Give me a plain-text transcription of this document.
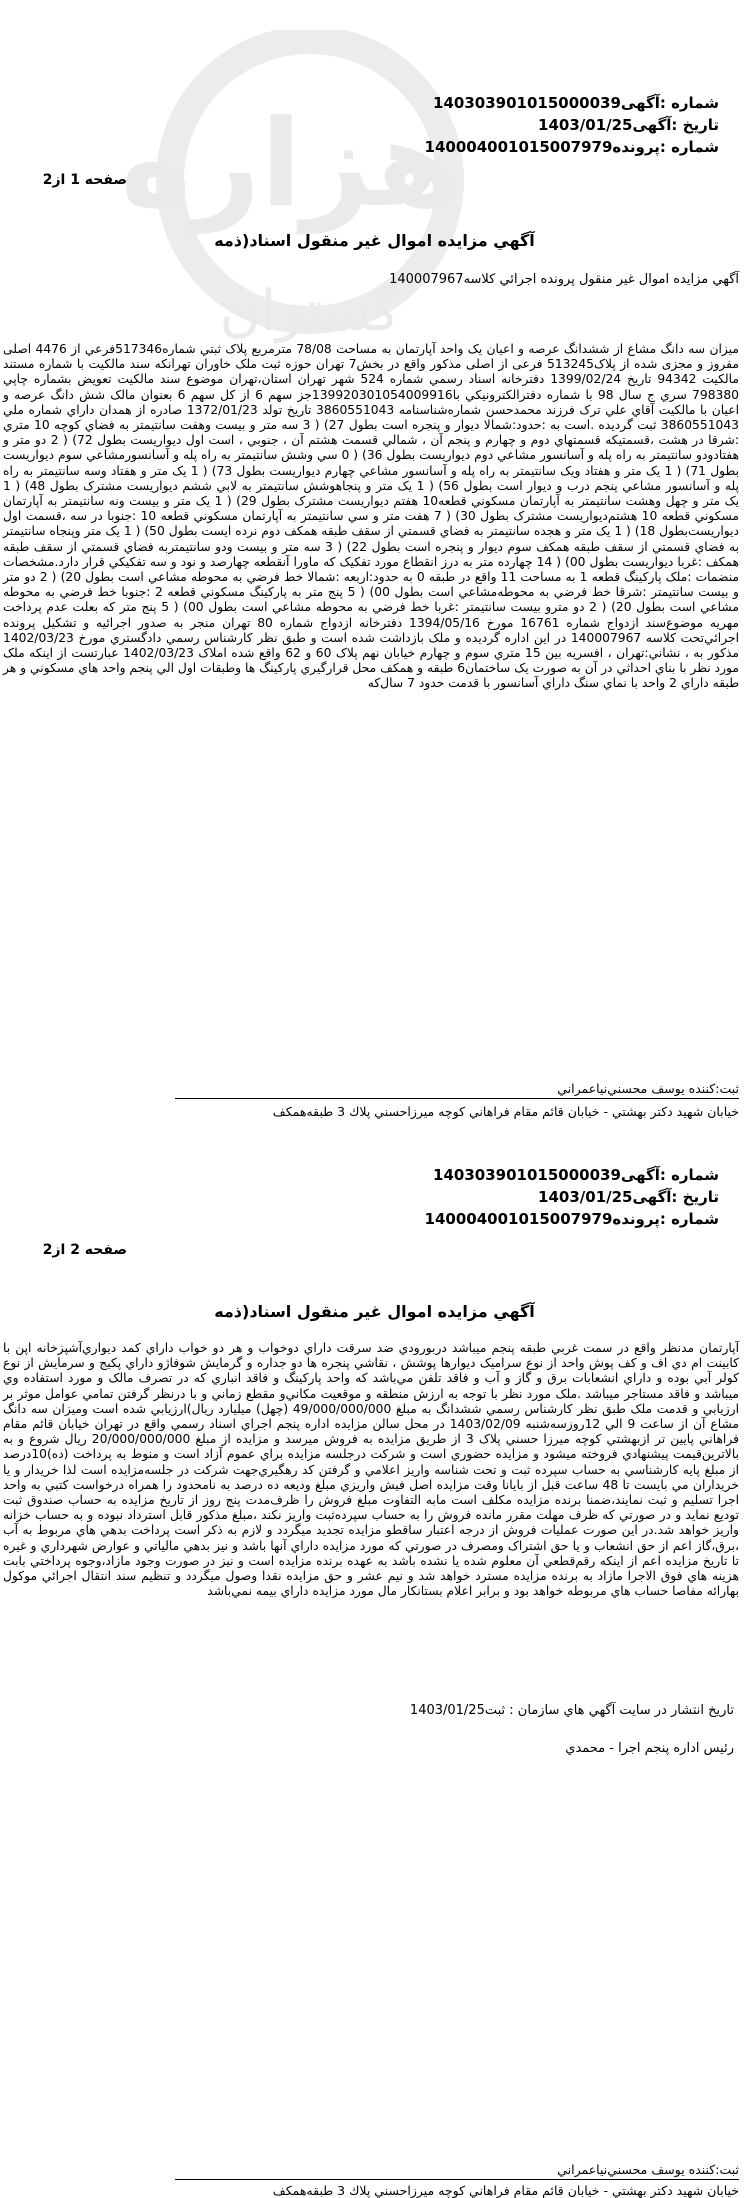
هزاره
گستران
شماره :آگهی140303901015000039
تاریخ :آگهی1403/01/25
شماره :پرونده140004001015007979
صفحه 1 از2
آگهي مزايده اموال غير منقول اسناد(ذمه
آگهي مزايده اموال غير منقول پرونده اجرائي كلاسه140007967
ميزان سه دانگ مشاع از ششدانگ عرصه و اعيان يک واحد آپارتمان به مساحت 78/08 مترمربع پلاک ثبتي شماره517346فرعي از 4476 اصلی مفروز و مجزی شده از پلاک513245 فرعی از اصلی مذکور واقع در بخش7 تهران حوزه ثبت ملک خاوران تهرانکه سند مالکيت با شماره مستند مالکيت 94342 تاريخ 1399/02/24 دفترخانه اسناد رسمي شماره 524 شهر تهران استان،تهران موضوع سند مالکيت تعويض بشماره چاپي 798380 سري ج سال 98 با شماره دفترالکترونيکي با139920301054009916جز سهم 6 از کل سهم 6 بعنوان مالک شش دانگ عرصه و اعيان با مالکيت آقاي علي ترک فرزند محمدحسن شماره‌شناسنامه 3860551043 تاريخ تولد 1372/01/23 صادره از همدان داراي شماره ملي 3860551043 ثبت گرديده .است به :حدود:شمالا ديوار و پنجره است بطول 27) ( 3 سه متر و بيست وهفت سانتيمتر به فضاي کوچه 10 متري :شرقا در هشت ،قسمتيكه قسمتهاي دوم و چهارم و پنجم آن ، شمالي قسمت هشتم آن ، جنوبي ، است اول ديواريست بطول 72) ( 2 دو متر و هفتادودو سانتيمتر به راه پله و آسانسور مشاعي دوم ديواريست بطول 36) ( 0 سي وشش سانتيمتر به راه پله و آسانسورمشاعي سوم ديواريست بطول 71) ( 1 يک متر و هفتاد ويک سانتيمتر به راه پله و آسانسور مشاعي چهارم ديواريست بطول 73) ( 1 يک متر و هفتاد وسه سانتيمتر به راه پله و آسانسور مشاعي پنجم درب و ديوار است بطول 56) ( 1 يک متر و پنجاهوشش سانتيمتر به لابي ششم ديواريست مشترک بطول 48) ( 1 يک متر و چهل وهشت سانتيمتر به آپارتمان مسکوني قطعه10 هفتم ديواريست مشترک بطول 29) ( 1 يک متر و بيست ونه سانتيمتر به آپارتمان مسکوني قطعه 10 هشتم‌ديواريست مشترک بطول 30) ( 7 هفت متر و سي سانتيمتر به آپارتمان مسکوني قطعه 10 :جنوبا در سه ،قسمت اول ديواريست‌بطول 18) ( 1 يک متر و هجده سانتيمتر به فضاي قسمتي از سقف طبقه همکف دوم نرده ايست بطول 50) ( 1 يک متر وپنجاه سانتيمتر به فضاي قسمتي از سقف طبقه همکف سوم ديوار و پنجره است بطول 22) ( 3 سه متر و بيست ودو سانتيمتربه فضاي قسمتي از سقف طبقه همکف :غربا ديواريست بطول 00) ( 14 چهارده متر به درز انقطاع مورد تفکيک که ماورا آنقطعه چهارصد و نود و سه تفکيکي قرار دارد.مشخصات منضمات :ملک پارکينگ قطعه 1 به مساحت 11 واقع در طبقه 0 به حدود:اربعه :شمالا خط فرضي به محوطه مشاعي است بطول 20) ( 2 دو متر و بيست سانتيمتر :شرقا خط فرضي به محوطه‌مشاعي است بطول 00) ( 5 پنج متر به پارکينگ مسکوني قطعه 2 :جنوبا خط فرضي به محوطه مشاعي است بطول 20) ( 2 دو مترو بيست سانتيمتر :غربا خط فرضي به محوطه مشاعي است بطول 00) ( 5 پنج متر که بعلت عدم پرداخت مهريه موضوع‌سند ازدواج شماره 16761 مورخ 1394/05/16 دفترخانه ازدواج شماره 80 تهران منجر به صدور اجرائيه و تشکيل پرونده اجرائي‌تحت کلاسه 140007967 در اين اداره گرديده و ملک بازداشت شده است و طبق نظر كارشناس رسمي دادگستري مورخ 1402/03/23 مذکور به ، نشاني:تهران ، افسريه بين 15 متري سوم و چهارم خيابان نهم پلاک 60 و 62 واقع شده املاک 1402/03/23 عبارتست از اينکه ملک مورد نظر با بناي احداثي در آن به صورت يک ساختمان6 طبقه و همکف محل قرارگيري پارکينگ ها وطبقات اول الي پنجم واحد هاي مسکوني و هر طبقه داراي 2 واحد با نماي سنگ داراي آسانسور با قدمت حدود 7 سال‌که
ثبت:كننده يوسف محسني‌نياعمراني
خيابان شهيد دكتر بهشتي - خيابان قائم مقام فراهاني كوچه ميرزاحسني پلاك 3 طبقه‌همكف
شماره :آگهی140303901015000039
تاریخ :آگهی1403/01/25
شماره :پرونده140004001015007979
صفحه 2 از2
آگهي مزايده اموال غير منقول اسناد(ذمه
آپارتمان مدنظر واقع در سمت غربي طبقه پنجم ميباشد دربورودي ضد سرقت داراي دوخواب و هر دو خواب داراي کمد ديواري‌آشپزخانه اپن با کابينت ام دي اف و کف پوش واحد از نوع سراميک ديوارها پوشش ، نقاشي پنجره ها دو جداره و گرمايش شوفاژو داراي پکيج و سرمايش از نوع کولر آبي بوده و داراي انشعابات برق و گاز و آب و فاقد تلفن مي‌باشد که واحد پارکينگ و فاقد انباري که در تصرف مالک و مورد استفاده وي ميباشد و فاقد مستاجر ميباشد .ملک مورد نظر با توجه به ارزش منطقه و موقعيت مکاني‌و مقطع زماني و با درنظر گرفتن تمامي عوامل موثر بر ارزيابي و قدمت ملک طبق نظر کارشناس رسمي ششدانگ به مبلغ 49/000/000/000 (چهل) ميليارد ريال)ارزيابي شده است وميزان سه دانگ مشاع آن از ساعت 9 الي 12روزسه‌شنبه 1403/02/09 در محل سالن مزايده اداره پنجم اجراي اسناد رسمي واقع در تهران خيابان قائم مقام فراهاني پايين تر ازبهشتي کوچه ميرزا حسني پلاک 3 از طريق مزايده به فروش ميرسد و مزايده از مبلغ 20/000/000/000 ريال شروع و به بالاترين‌قيمت پيشنهادي فروخته ميشود و مزايده حضوري است و شرکت درجلسه مزايده براي عموم آزاد است و منوط به پرداخت (ده)10درصد از مبلغ پايه کارشناسي به حساب سپرده ثبت و تحت شناسه واريز اعلامي و گرفتن کد رهگيري‌جهت شرکت در جلسه‌مزايده است لذا خريدار و يا خريداران مي بايست تا 48 ساعت قبل از بايانا وقت مزايده اصل فيش واريزي مبلغ وديعه ده درصد به نامحدود را همراه درخواست کتبي به واحد اجرا تسليم و ثبت نمايند،ضمنا برنده مزايده مکلف است مابه التفاوت مبلغ فروش را ظرف‌مدت پنج روز از تاريخ مزايده به حساب صندوق ثبت توديع نمايد و در صورتي که ظرف مهلت مقرر مانده فروش را به حساب سپرده‌ثبت واريز نکند ،مبلغ مذکور قابل استرداد نبوده و به حساب خزانه واريز خواهد شد.در اين صورت عمليات فروش از درجه اعتبار ساقطو مزايده تجديد ميگردد و لازم به ذکر است پرداخت بدهي هاي مربوط به آب ،برق،گاز اعم از حق انشعاب و يا حق اشتراک ومصرف در صورتي که مورد مزايده داراي آنها باشد و نيز بدهي مالياتي و عوارض شهرداري و غيره تا تاريخ مزايده اعم از اينکه رقم‌قطعي آن معلوم شده يا نشده باشد به عهده برنده مزايده است و نيز در صورت وجود مازاد،وجوه پرداختي بابت هزينه هاي فوق الاجرا مازاد به برنده مزايده مسترد خواهد شد و نيم عشر و حق مزايده نقدا وصول ميگردد و تنظيم سند انتقال اجرائي موکول بهارائه مفاصا حساب هاي مربوطه خواهد بود و برابر اعلام بستانکار مال مورد مزايده داراي بيمه نمي‌باشد
تاريخ انتشار در سايت آگهي هاي سازمان : ثبت1403/01/25
رئيس اداره پنجم اجرا - محمدي
ثبت:كننده يوسف محسني‌نياعمراني
خيابان شهيد دكتر بهشتي - خيابان قائم مقام فراهاني كوچه ميرزاحسني پلاك 3 طبقه‌همكف
